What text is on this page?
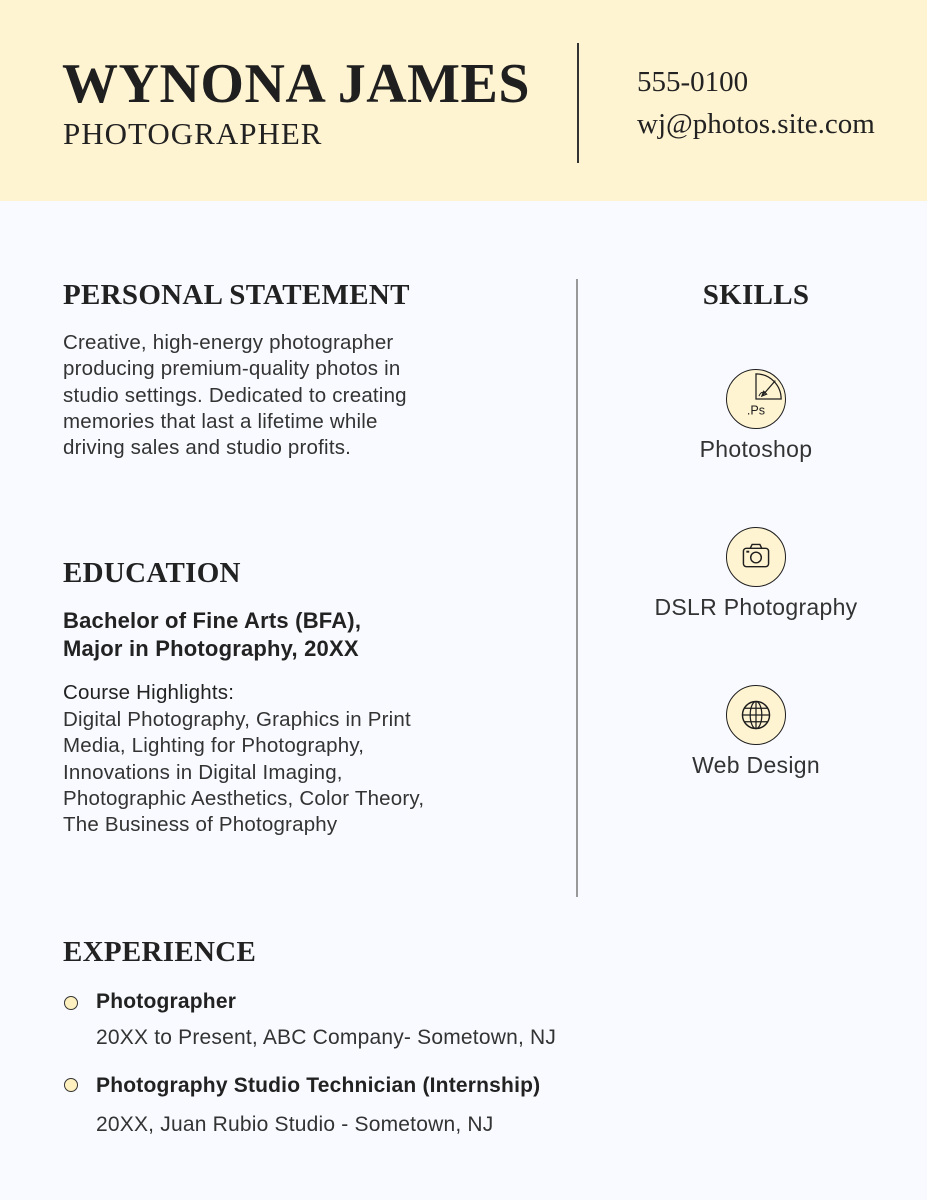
WYNONA JAMES
PHOTOGRAPHER
555-0100
wj@photos.site.com
PERSONAL STATEMENT
Creative, high-energy photographer
producing premium-quality photos in
studio settings. Dedicated to creating
memories that last a lifetime while
driving sales and studio profits.
EDUCATION
Bachelor of Fine Arts (BFA),
Major in Photography, 20XX
Course Highlights:
Digital Photography, Graphics in Print
Media, Lighting for Photography,
Innovations in Digital Imaging,
Photographic Aesthetics, Color Theory,
The Business of Photography
SKILLS
.Ps
Photoshop
DSLR Photography
Web Design
EXPERIENCE
Photographer
20XX to Present, ABC Company- Sometown, NJ
Photography Studio Technician (Internship)
20XX, Juan Rubio Studio - Sometown, NJ
